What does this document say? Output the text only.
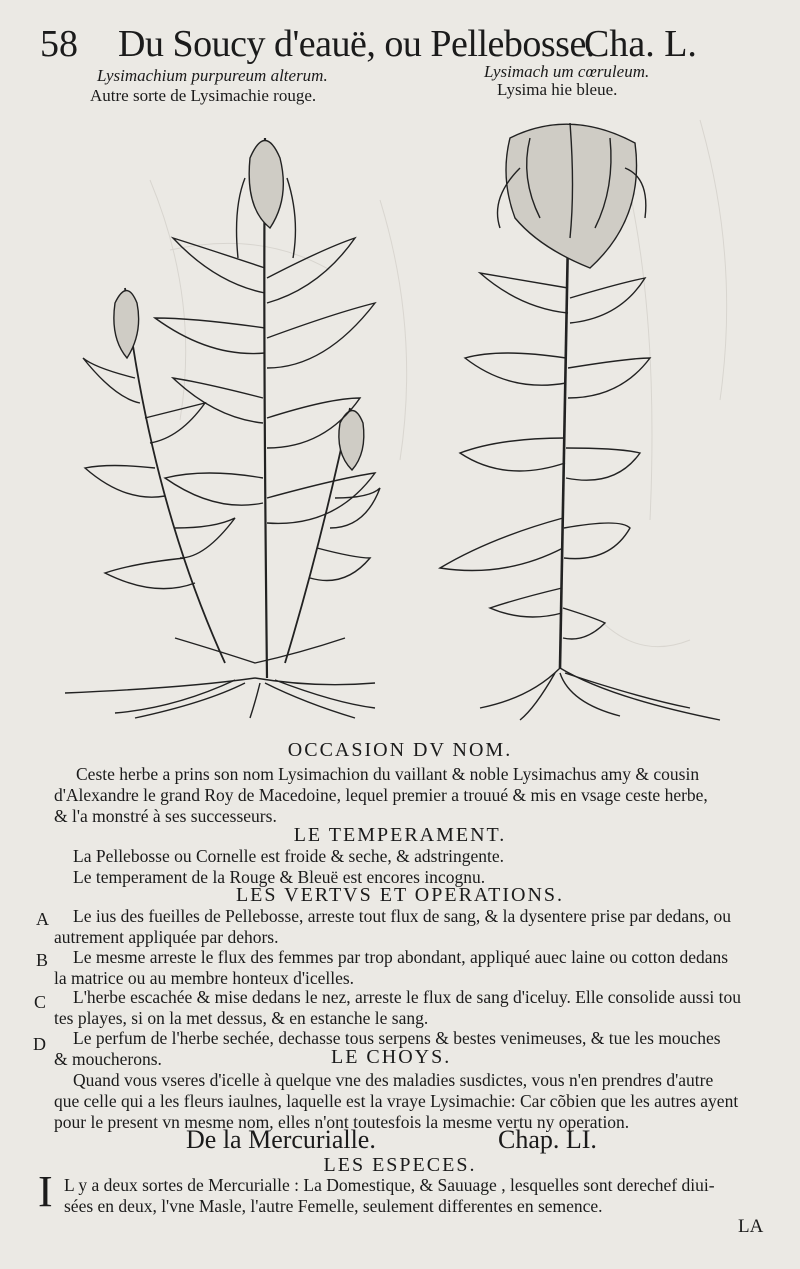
58 Du Soucy d'eauë, ou Pellebosse.
Cha. L.
Lysimachium purpureum alterum.
Autre sorte de Lysimachie rouge.
Lysimach um cœruleum.
Lysima hie bleue.
OCCASION DV NOM.
Ceste herbe a prins son nom Lysimachion du vaillant & noble Lysimachus amy & cousin
d'Alexandre le grand Roy de Macedoine, lequel premier a trouué & mis en vsage ceste herbe,
& l'a monstré à ses successeurs.
LE TEMPERAMENT.
La Pellebosse ou Cornelle est froide & seche, & adstringente.
Le temperament de la Rouge & Bleuë est encores incognu.
LES VERTVS ET OPERATIONS.
A Le ius des fueilles de Pellebosse, arreste tout flux de sang, & la dysentere prise par dedans, ou
autrement appliquée par dehors.
B Le mesme arreste le flux des femmes par trop abondant, appliqué auec laine ou cotton dedans
la matrice ou au membre honteux d'icelles.
C L'herbe escachée & mise dedans le nez, arreste le flux de sang d'iceluy. Elle consolide aussi tou
tes playes, si on la met dessus, & en estanche le sang.
D Le perfum de l'herbe sechée, dechasse tous serpens & bestes venimeuses, & tue les mouches
& moucherons.	LE CHOYS.
Quand vous vseres d'icelle à quelque vne des maladies susdictes, vous n'en prendres d'autre
que celle qui a les fleurs iaulnes, laquelle est la vraye Lysimachie: Car cõbien que les autres ayent
pour le present vn mesme nom, elles n'ont toutesfois la mesme vertu ny operation.
De la Mercurialle.	Chap. LI.
LES ESPECES.
I L y a deux sortes de Mercurialle : La Domestique, & Sauuage , lesquelles sont derechef diui-
sées en deux, l'vne Masle, l'autre Femelle, seulement differentes en semence.
LA
